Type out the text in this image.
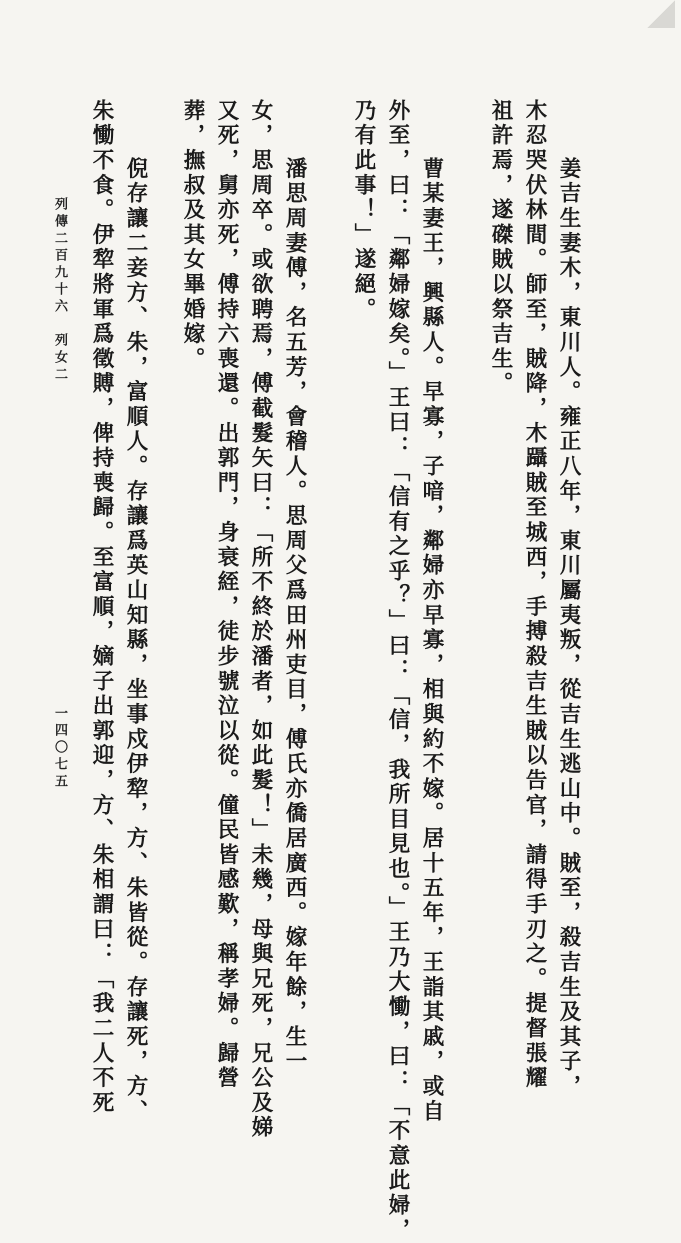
姜吉生妻木，東川人。雍正八年，東川屬夷叛，從吉生逃山中。賊至，殺吉生及其子，
木忍哭伏林間。師至，賊降，木躡賊至城西，手搏殺吉生賊以告官，請得手刃之。提督張耀
祖許焉，遂磔賊以祭吉生。
曹某妻王，興縣人。早寡，子喑，鄰婦亦早寡，相與約不嫁。居十五年，王詣其戚，或自
外至，曰：「鄰婦嫁矣。」王曰：「信有之乎？」曰：「信，我所目見也。」王乃大慟，曰：「不意此婦，
乃有此事！」遂絕。
潘思周妻傅，名五芳，會稽人。思周父爲田州吏目，傅氏亦僑居廣西。嫁年餘，生一
女，思周卒。或欲聘焉，傅截髮矢曰：「所不終於潘者，如此髮！」未幾，母與兄死，兄公及娣
又死，舅亦死，傅持六喪還。出郭門，身衰絰，徒步號泣以從。僮民皆感歎，稱孝婦。歸營
葬，撫叔及其女畢婚嫁。
倪存讓二妾方、朱，富順人。存讓爲英山知縣，坐事戍伊犂，方、朱皆從。存讓死，方、
朱慟不食。伊犂將軍爲徵賻，俾持喪歸。至富順，嫡子出郭迎，方、朱相謂曰：「我二人不死
列傳二百九十六　列女二
一四〇七五
